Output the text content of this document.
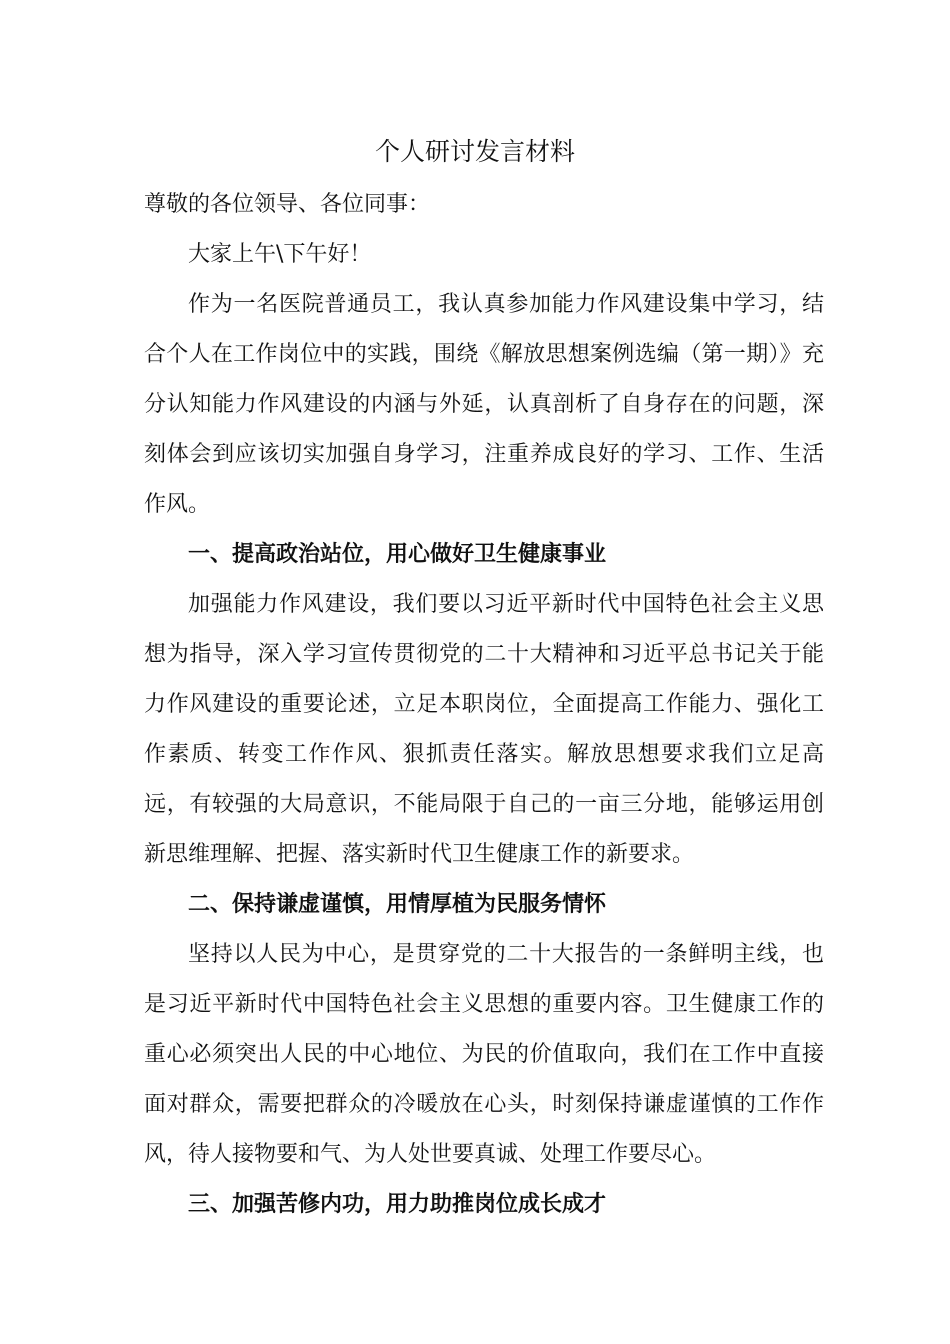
个人研讨发言材料

尊敬的各位领导、各位同事：

大家上午\下午好！

作为一名医院普通员工，我认真参加能力作风建设集中学习，结合个人在工作岗位中的实践，围绕《解放思想案例选编（第一期）》充分认知能力作风建设的内涵与外延，认真剖析了自身存在的问题，深刻体会到应该切实加强自身学习，注重养成良好的学习、工作、生活作风。

一、提高政治站位，用心做好卫生健康事业

加强能力作风建设，我们要以习近平新时代中国特色社会主义思想为指导，深入学习宣传贯彻党的二十大精神和习近平总书记关于能力作风建设的重要论述，立足本职岗位，全面提高工作能力、强化工作素质、转变工作作风、狠抓责任落实。解放思想要求我们立足高远，有较强的大局意识，不能局限于自己的一亩三分地，能够运用创新思维理解、把握、落实新时代卫生健康工作的新要求。

二、保持谦虚谨慎，用情厚植为民服务情怀

坚持以人民为中心，是贯穿党的二十大报告的一条鲜明主线，也是习近平新时代中国特色社会主义思想的重要内容。卫生健康工作的重心必须突出人民的中心地位、为民的价值取向，我们在工作中直接面对群众，需要把群众的冷暖放在心头，时刻保持谦虚谨慎的工作作风，待人接物要和气、为人处世要真诚、处理工作要尽心。

三、加强苦修内功，用力助推岗位成长成才
